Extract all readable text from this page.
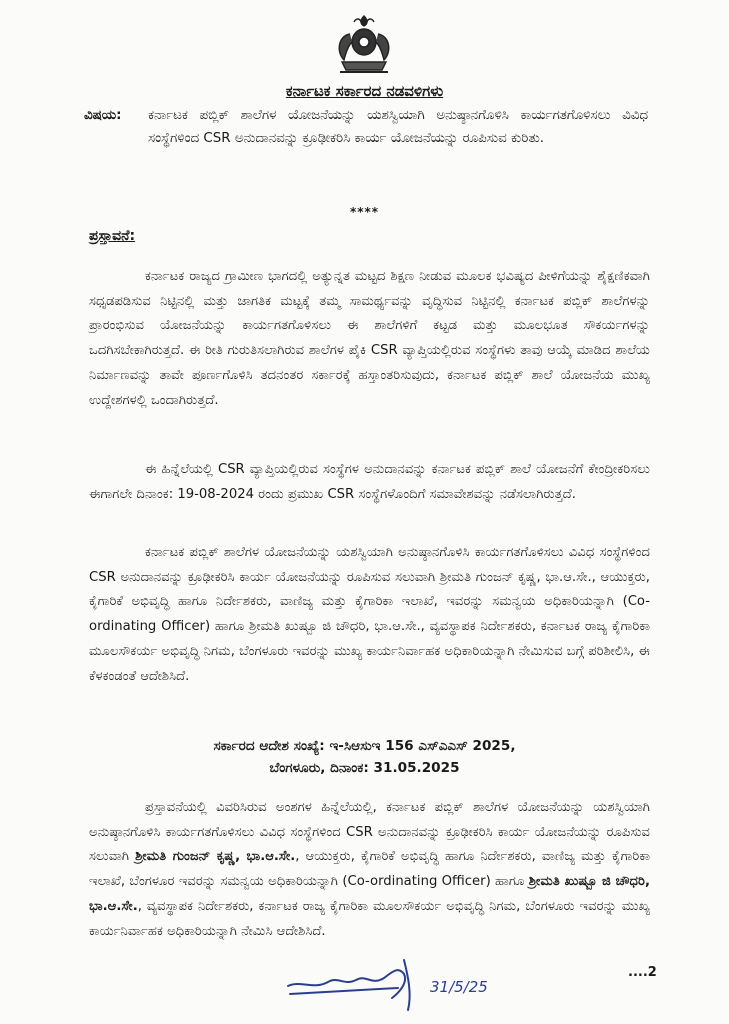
ಕರ್ನಾಟಕ ಸರ್ಕಾರದ ನಡವಳಿಗಳು
ವಿಷಯ: ಕರ್ನಾಟಕ ಪಬ್ಲಿಕ್ ಶಾಲೆಗಳ ಯೋಜನೆಯನ್ನು ಯಶಸ್ವಿಯಾಗಿ ಅನುಷ್ಠಾನಗೊಳಿಸಿ ಕಾರ್ಯಗತಗೊಳಿಸಲು ವಿವಿಧ ಸಂಸ್ಥೆಗಳಿಂದ CSR ಅನುದಾನವನ್ನು ಕ್ರೂಢೀಕರಿಸಿ ಕಾರ್ಯ ಯೋಜನೆಯನ್ನು ರೂಪಿಸುವ ಕುರಿತು.

****
ಪ್ರಸ್ತಾವನೆ:

ಕರ್ನಾಟಕ ರಾಜ್ಯದ ಗ್ರಾಮೀಣ ಭಾಗದಲ್ಲಿ ಅತ್ಯುನ್ನತ ಮಟ್ಟದ ಶಿಕ್ಷಣ ನೀಡುವ ಮೂಲಕ ಭವಿಷ್ಯದ ಪೀಳಿಗೆಯನ್ನು ಶೈಕ್ಷಣಿಕವಾಗಿ ಸಧೃಡಪಡಿಸುವ ನಿಟ್ಟಿನಲ್ಲಿ ಮತ್ತು ಜಾಗತಿಕ ಮಟ್ಟಕ್ಕೆ ತಮ್ಮ ಸಾಮರ್ಥ್ಯವನ್ನು ವೃದ್ಧಿಸುವ ನಿಟ್ಟಿನಲ್ಲಿ ಕರ್ನಾಟಕ ಪಬ್ಲಿಕ್ ಶಾಲೆಗಳನ್ನು ಪ್ರಾರಂಭಿಸುವ ಯೋಜನೆಯನ್ನು ಕಾರ್ಯಗತಗೊಳಿಸಲು ಈ ಶಾಲೆಗಳಿಗೆ ಕಟ್ಟಡ ಮತ್ತು ಮೂಲಭೂತ ಸೌಕರ್ಯಗಳನ್ನು ಒದಗಿಸಬೇಕಾಗಿರುತ್ತದೆ. ಈ ರೀತಿ ಗುರುತಿಸಲಾಗಿರುವ ಶಾಲೆಗಳ ಪೈಕಿ CSR ವ್ಯಾಪ್ತಿಯಲ್ಲಿರುವ ಸಂಸ್ಥೆಗಳು ತಾವು ಆಯ್ಕೆ ಮಾಡಿದ ಶಾಲೆಯ ನಿರ್ಮಾಣವನ್ನು ತಾವೇ ಪೂರ್ಣಗೊಳಿಸಿ ತದನಂತರ ಸರ್ಕಾರಕ್ಕೆ ಹಸ್ತಾಂತರಿಸುವುದು, ಕರ್ನಾಟಕ ಪಬ್ಲಿಕ್ ಶಾಲೆ ಯೋಜನೆಯ ಮುಖ್ಯ ಉದ್ದೇಶಗಳಲ್ಲಿ ಒಂದಾಗಿರುತ್ತದೆ.

ಈ ಹಿನ್ನೆಲೆಯಲ್ಲಿ CSR ವ್ಯಾಪ್ತಿಯಲ್ಲಿರುವ ಸಂಸ್ಥೆಗಳ ಅನುದಾನವನ್ನು ಕರ್ನಾಟಕ ಪಬ್ಲಿಕ್ ಶಾಲೆ ಯೋಜನೆಗೆ ಕೇಂದ್ರೀಕರಿಸಲು ಈಗಾಗಲೇ ದಿನಾಂಕ: 19-08-2024 ರಂದು ಪ್ರಮುಖ CSR ಸಂಸ್ಥೆಗಳೊಂದಿಗೆ ಸಮಾವೇಶವನ್ನು ನಡೆಸಲಾಗಿರುತ್ತದೆ.

ಕರ್ನಾಟಕ ಪಬ್ಲಿಕ್ ಶಾಲೆಗಳ ಯೋಜನೆಯನ್ನು ಯಶಸ್ವಿಯಾಗಿ ಅನುಷ್ಠಾನಗೊಳಿಸಿ ಕಾರ್ಯಗತಗೊಳಿಸಲು ವಿವಿಧ ಸಂಸ್ಥೆಗಳಿಂದ CSR ಅನುದಾನವನ್ನು ಕ್ರೂಢೀಕರಿಸಿ ಕಾರ್ಯ ಯೋಜನೆಯನ್ನು ರೂಪಿಸುವ ಸಲುವಾಗಿ ಶ್ರೀಮತಿ ಗುಂಜನ್ ಕೃಷ್ಣ, ಭಾ.ಆ.ಸೇ., ಆಯುಕ್ತರು, ಕೈಗಾರಿಕೆ ಅಭಿವೃದ್ಧಿ ಹಾಗೂ ನಿರ್ದೇಶಕರು, ವಾಣಿಜ್ಯ ಮತ್ತು ಕೈಗಾರಿಕಾ ಇಲಾಖೆ, ಇವರನ್ನು ಸಮನ್ವಯ ಅಧಿಕಾರಿಯನ್ನಾಗಿ (Co-ordinating Officer) ಹಾಗೂ ಶ್ರೀಮತಿ ಖುಷ್ಬೂ ಜಿ ಚೌಧರಿ, ಭಾ.ಆ.ಸೇ., ವ್ಯವಸ್ಥಾಪಕ ನಿರ್ದೇಶಕರು, ಕರ್ನಾಟಕ ರಾಜ್ಯ ಕೈಗಾರಿಕಾ ಮೂಲಸೌಕರ್ಯ ಅಭಿವೃದ್ಧಿ ನಿಗಮ, ಬೆಂಗಳೂರು ಇವರನ್ನು ಮುಖ್ಯ ಕಾರ್ಯನಿರ್ವಾಹಕ ಅಧಿಕಾರಿಯನ್ನಾಗಿ ನೇಮಿಸುವ ಬಗ್ಗೆ ಪರಿಶೀಲಿಸಿ, ಈ ಕೆಳಕಂಡಂತೆ ಆದೇಶಿಸಿದೆ.

ಸರ್ಕಾರದ ಆದೇಶ ಸಂಖ್ಯೆ: ಇ-ಸಿಆಸುಇ 156 ಎಸ್‌ಎಎಸ್ 2025,
ಬೆಂಗಳೂರು, ದಿನಾಂಕ: 31.05.2025

ಪ್ರಸ್ತಾವನೆಯಲ್ಲಿ ವಿವರಿಸಿರುವ ಅಂಶಗಳ ಹಿನ್ನೆಲೆಯಲ್ಲಿ, ಕರ್ನಾಟಕ ಪಬ್ಲಿಕ್ ಶಾಲೆಗಳ ಯೋಜನೆಯನ್ನು ಯಶಸ್ವಿಯಾಗಿ ಅನುಷ್ಠಾನಗೊಳಿಸಿ ಕಾರ್ಯಗತಗೊಳಿಸಲು ವಿವಿಧ ಸಂಸ್ಥೆಗಳಿಂದ CSR ಅನುದಾನವನ್ನು ಕ್ರೂಢೀಕರಿಸಿ ಕಾರ್ಯ ಯೋಜನೆಯನ್ನು ರೂಪಿಸುವ ಸಲುವಾಗಿ ಶ್ರೀಮತಿ ಗುಂಜನ್ ಕೃಷ್ಣ, ಭಾ.ಆ.ಸೇ., ಆಯುಕ್ತರು, ಕೈಗಾರಿಕೆ ಅಭಿವೃದ್ಧಿ ಹಾಗೂ ನಿರ್ದೇಶಕರು, ವಾಣಿಜ್ಯ ಮತ್ತು ಕೈಗಾರಿಕಾ ಇಲಾಖೆ, ಬೆಂಗಳೂರ ಇವರನ್ನು ಸಮನ್ವಯ ಅಧಿಕಾರಿಯನ್ನಾಗಿ (Co-ordinating Officer) ಹಾಗೂ ಶ್ರೀಮತಿ ಖುಷ್ಬೂ ಜಿ ಚೌಧರಿ, ಭಾ.ಆ.ಸೇ., ವ್ಯವಸ್ಥಾಪಕ ನಿರ್ದೇಶಕರು, ಕರ್ನಾಟಕ ರಾಜ್ಯ ಕೈಗಾರಿಕಾ ಮೂಲಸೌಕರ್ಯ ಅಭಿವೃದ್ಧಿ ನಿಗಮ, ಬೆಂಗಳೂರು ಇವರನ್ನು ಮುಖ್ಯ ಕಾರ್ಯನಿರ್ವಾಹಕ ಅಧಿಕಾರಿಯನ್ನಾಗಿ ನೇಮಿಸಿ ಆದೇಶಿಸಿದೆ.

31/5/25
....2
